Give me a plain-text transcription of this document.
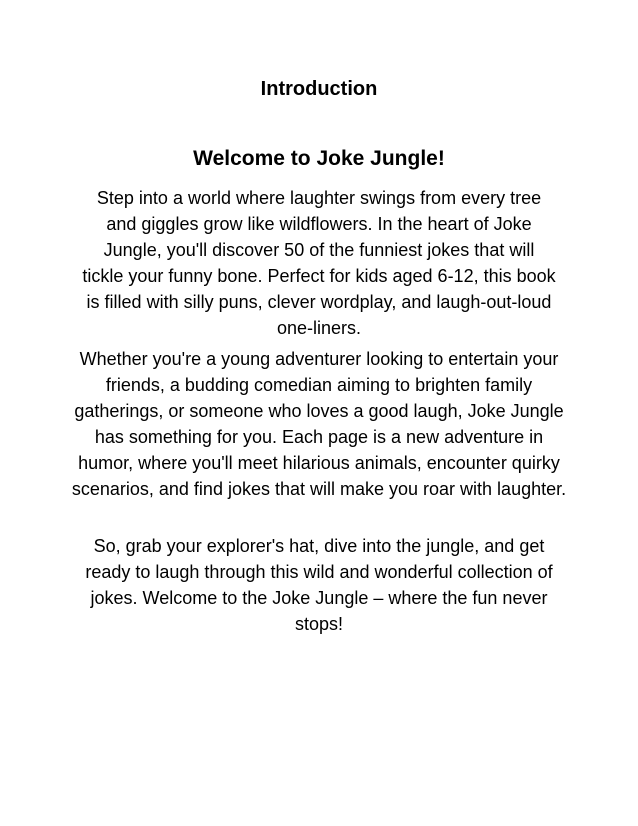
Introduction
Welcome to Joke Jungle!

Step into a world where laughter swings from every tree and giggles grow like wildflowers. In the heart of Joke Jungle, you'll discover 50 of the funniest jokes that will tickle your funny bone. Perfect for kids aged 6-12, this book is filled with silly puns, clever wordplay, and laugh-out-loud one-liners.

Whether you're a young adventurer looking to entertain your friends, a budding comedian aiming to brighten family gatherings, or someone who loves a good laugh, Joke Jungle has something for you. Each page is a new adventure in humor, where you'll meet hilarious animals, encounter quirky scenarios, and find jokes that will make you roar with laughter.

So, grab your explorer's hat, dive into the jungle, and get ready to laugh through this wild and wonderful collection of jokes. Welcome to the Joke Jungle – where the fun never stops!
